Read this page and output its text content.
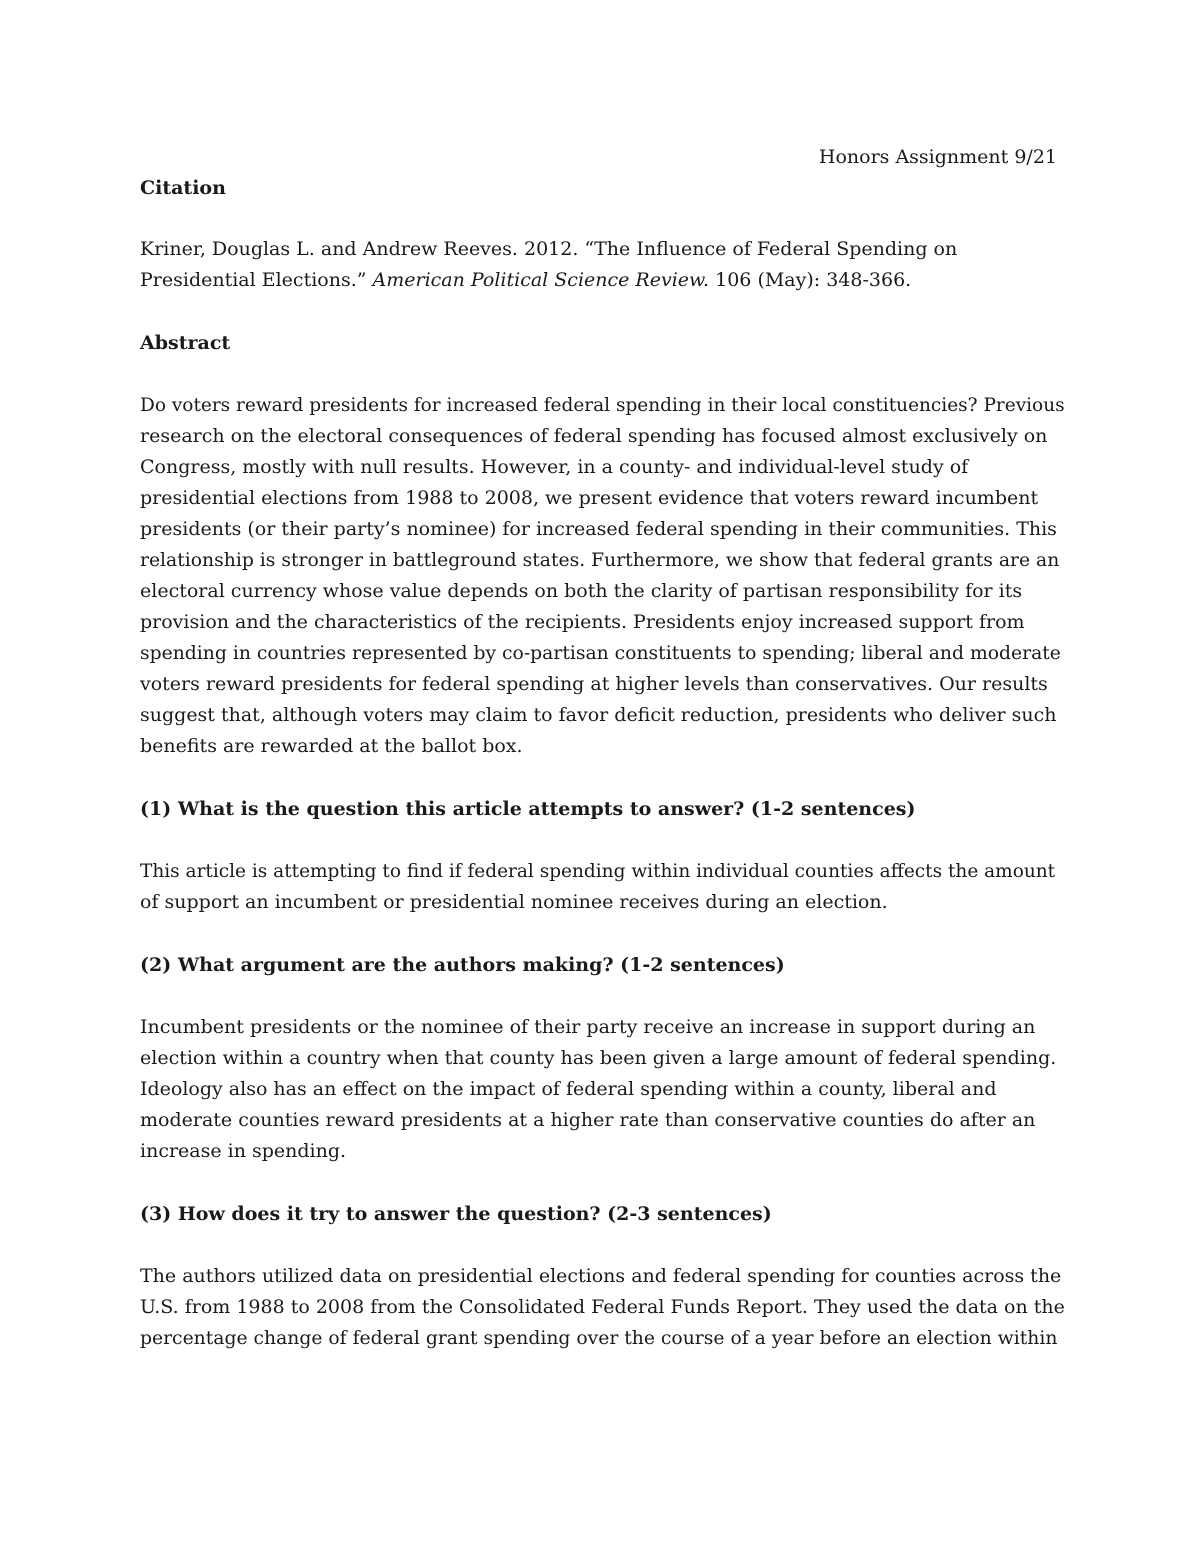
Honors Assignment 9/21
Citation
Kriner, Douglas L. and Andrew Reeves. 2012. “The Influence of Federal Spending on
Presidential Elections.” American Political Science Review. 106 (May): 348-366.
Abstract
Do voters reward presidents for increased federal spending in their local constituencies? Previous
research on the electoral consequences of federal spending has focused almost exclusively on
Congress, mostly with null results. However, in a county- and individual-level study of
presidential elections from 1988 to 2008, we present evidence that voters reward incumbent
presidents (or their party’s nominee) for increased federal spending in their communities. This
relationship is stronger in battleground states. Furthermore, we show that federal grants are an
electoral currency whose value depends on both the clarity of partisan responsibility for its
provision and the characteristics of the recipients. Presidents enjoy increased support from
spending in countries represented by co-partisan constituents to spending; liberal and moderate
voters reward presidents for federal spending at higher levels than conservatives. Our results
suggest that, although voters may claim to favor deficit reduction, presidents who deliver such
benefits are rewarded at the ballot box.
(1) What is the question this article attempts to answer? (1-2 sentences)
This article is attempting to find if federal spending within individual counties affects the amount
of support an incumbent or presidential nominee receives during an election.
(2) What argument are the authors making? (1-2 sentences)
Incumbent presidents or the nominee of their party receive an increase in support during an
election within a country when that county has been given a large amount of federal spending.
Ideology also has an effect on the impact of federal spending within a county, liberal and
moderate counties reward presidents at a higher rate than conservative counties do after an
increase in spending.
(3) How does it try to answer the question? (2-3 sentences)
The authors utilized data on presidential elections and federal spending for counties across the
U.S. from 1988 to 2008 from the Consolidated Federal Funds Report. They used the data on the
percentage change of federal grant spending over the course of a year before an election within
